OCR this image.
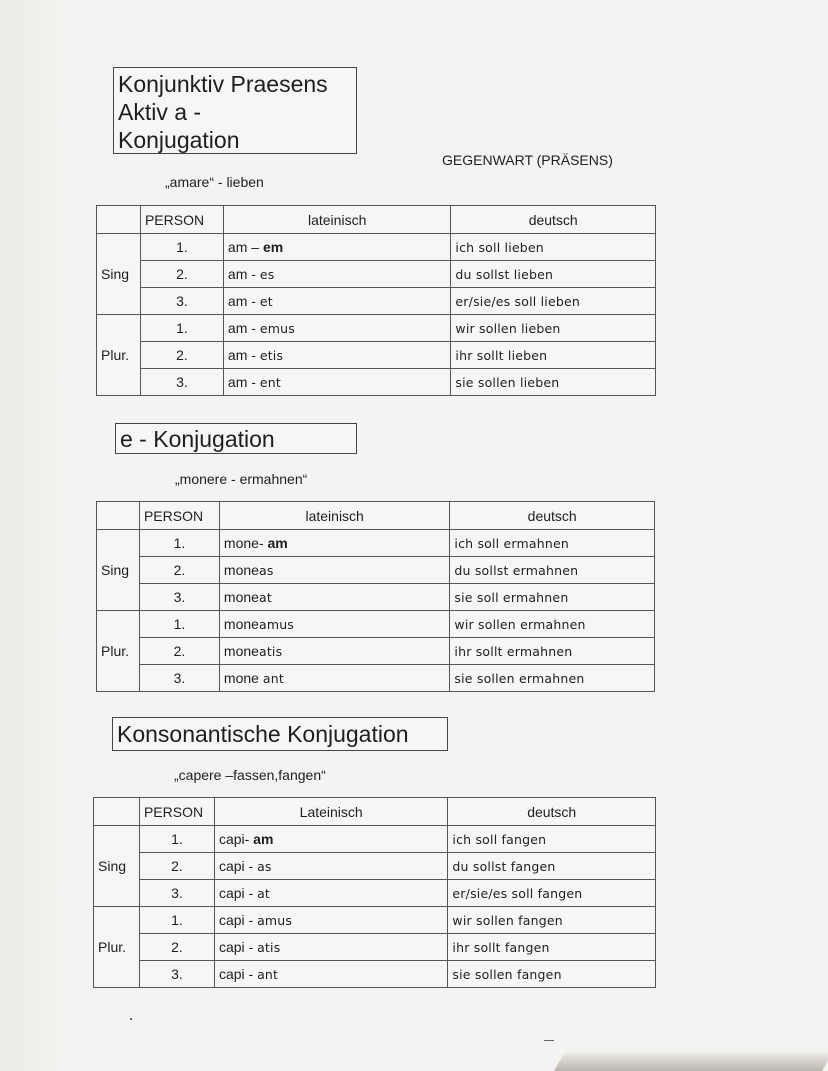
Konjunktiv Praesens
Aktiv a -
Konjugation
GEGENWART (PRÄSENS)
„amare“ - lieben
	PERSON	lateinisch	deutsch
Sing	1.	am – em	ich soll lieben
	2.	am - es	du sollst lieben
	3.	am - et	er/sie/es soll lieben
Plur.	1.	am - emus	wir sollen lieben
	2.	am - etis	ihr sollt lieben
	3.	am - ent	sie sollen lieben
e - Konjugation
„monere - ermahnen“
	PERSON	lateinisch	deutsch
Sing	1.	mone- am	ich soll ermahnen
	2.	moneas	du sollst ermahnen
	3.	moneat	sie soll ermahnen
Plur.	1.	moneamus	wir sollen ermahnen
	2.	moneatis	ihr sollt ermahnen
	3.	mone ant	sie sollen ermahnen
Konsonantische Konjugation
„capere –fassen,fangen“
	PERSON	Lateinisch	deutsch
Sing	1.	capi- am	ich soll fangen
	2.	capi - as	du sollst fangen
	3.	capi - at	er/sie/es soll fangen
Plur.	1.	capi - amus	wir sollen fangen
	2.	capi - atis	ihr sollt fangen
	3.	capi - ant	sie sollen fangen
